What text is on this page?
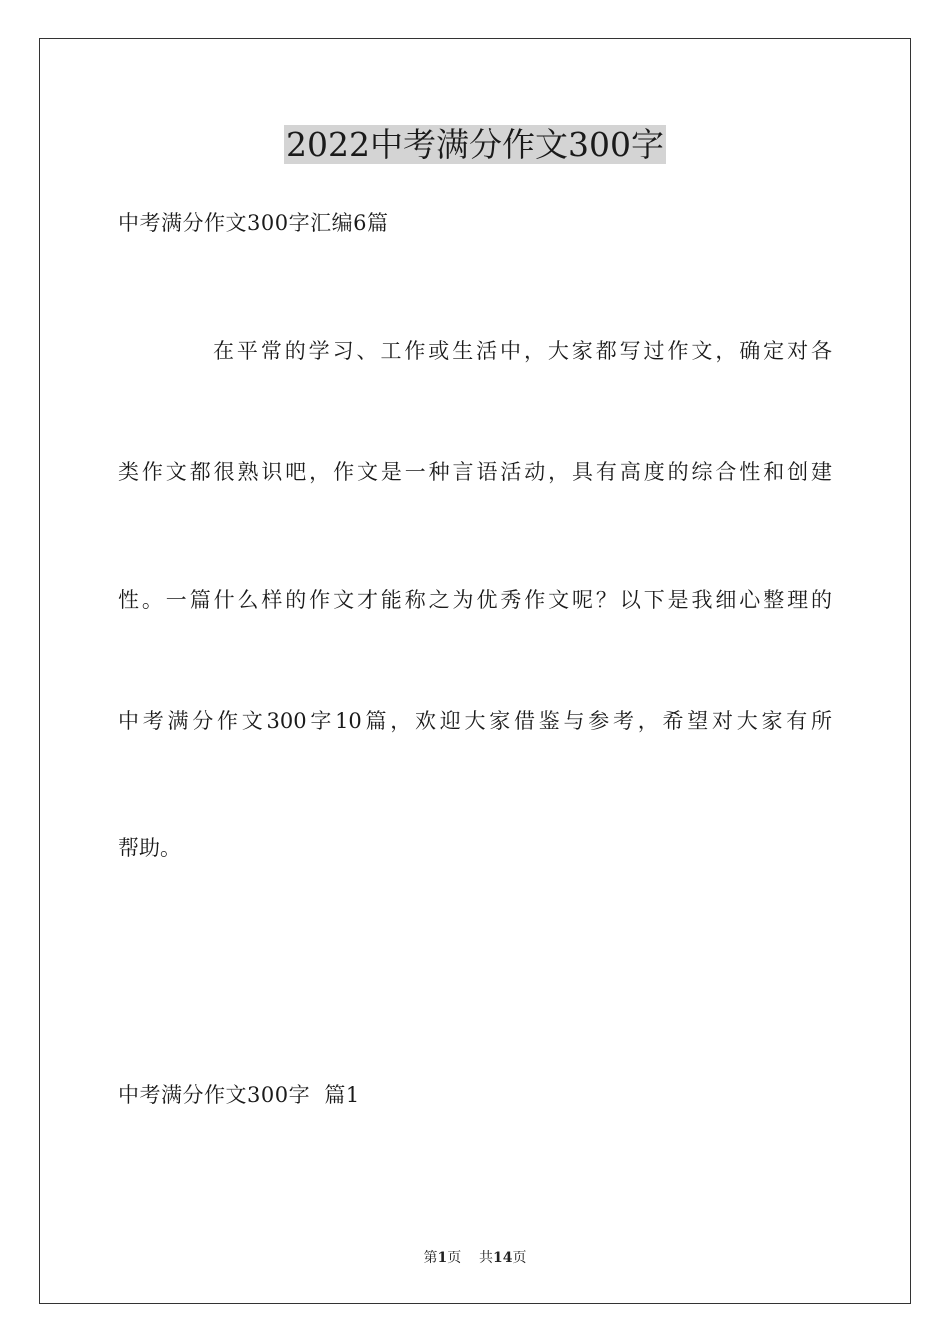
2022中考满分作文300字
中考满分作文300字汇编6篇
在平常的学习、工作或生活中，大家都写过作文，确定对各
类作文都很熟识吧，作文是一种言语活动，具有高度的综合性和创建
性。一篇什么样的作文才能称之为优秀作文呢？以下是我细心整理的
中考满分作文300字10篇，欢迎大家借鉴与参考，希望对大家有所
帮助。
中考满分作文300字  篇1
第1页 共14页
